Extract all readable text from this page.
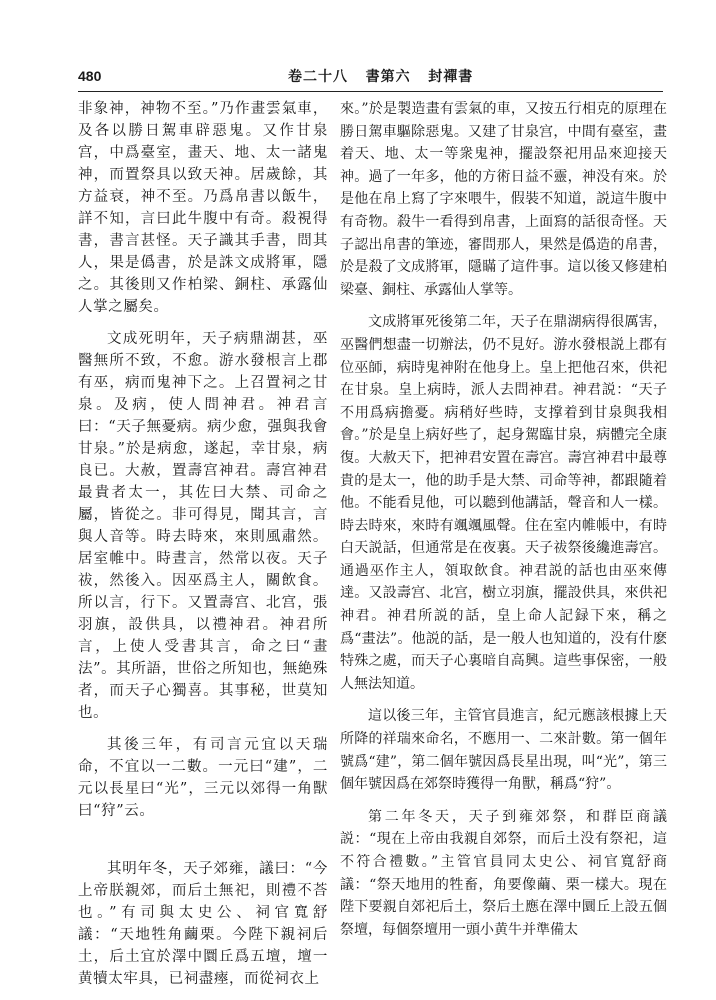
480	卷二十八   書第六   封禪書

非象神，神物不至。”乃作畫雲氣車，及各以勝日駕車辟惡鬼。又作甘泉宫，中爲臺室，畫天、地、太一諸鬼神，而置祭具以致天神。居歲餘，其方益衰，神不至。乃爲帛書以飯牛，詳不知，言曰此牛腹中有奇。殺視得書，書言甚怪。天子識其手書，問其人，果是僞書，於是誅文成將軍，隱之。其後則又作柏梁、銅柱、承露仙人掌之屬矣。

文成死明年，天子病鼎湖甚，巫醫無所不致，不愈。游水發根言上郡有巫，病而鬼神下之。上召置祠之甘泉。及病，使人問神君。神君言曰：“天子無憂病。病少愈，强與我會甘泉。”於是病愈，遂起，幸甘泉，病良已。大赦，置壽宫神君。壽宫神君最貴者太一，其佐曰大禁、司命之屬，皆從之。非可得見，聞其言，言與人音等。時去時來，來則風肅然。居室帷中。時晝言，然常以夜。天子祓，然後入。因巫爲主人，關飲食。所以言，行下。又置壽宫、北宫，張羽旗，設供具，以禮神君。神君所言，上使人受書其言，命之曰“畫法”。其所語，世俗之所知也，無絶殊者，而天子心獨喜。其事秘，世莫知也。

其後三年，有司言元宜以天瑞命，不宜以一二數。一元曰“建”，二元以長星曰“光”，三元以郊得一角獸曰“狩”云。

其明年冬，天子郊雍，議曰：“今上帝朕親郊，而后土無祀，則禮不荅也。”有司與太史公、祠官寬舒議：“天地牲角繭栗。今陛下親祠后土，后土宜於澤中圜丘爲五壇，壇一黄犢太牢具，已祠盡瘞，而從祠衣上

來。”於是製造畫有雲氣的車，又按五行相克的原理在勝日駕車驅除惡鬼。又建了甘泉宫，中間有臺室，畫着天、地、太一等衆鬼神，擺設祭祀用品來迎接天神。過了一年多，他的方術日益不靈，神没有來。於是他在帛上寫了字來喂牛，假裝不知道，説這牛腹中有奇物。殺牛一看得到帛書，上面寫的話很奇怪。天子認出帛書的筆迹，審問那人，果然是僞造的帛書，於是殺了文成將軍，隱瞞了這件事。這以後又修建柏梁臺、銅柱、承露仙人掌等。

文成將軍死後第二年，天子在鼎湖病得很厲害，巫醫們想盡一切辦法，仍不見好。游水發根説上郡有位巫師，病時鬼神附在他身上。皇上把他召來，供祀在甘泉。皇上病時，派人去問神君。神君説：“天子不用爲病擔憂。病稍好些時，支撑着到甘泉與我相會。”於是皇上病好些了，起身駕臨甘泉，病體完全康復。大赦天下，把神君安置在壽宫。壽宫神君中最尊貴的是太一，他的助手是大禁、司命等神，都跟隨着他。不能看見他，可以聽到他講話，聲音和人一樣。時去時來，來時有颯颯風聲。住在室内帷帳中，有時白天説話，但通常是在夜裏。天子祓祭後纔進壽宫。通過巫作主人，領取飲食。神君説的話也由巫來傳達。又設壽宫、北宫，樹立羽旗，擺設供具，來供祀神君。神君所説的話，皇上命人記録下來，稱之爲“畫法”。他説的話，是一般人也知道的，没有什麽特殊之處，而天子心裏暗自高興。這些事保密，一般人無法知道。

這以後三年，主管官員進言，紀元應該根據上天所降的祥瑞來命名，不應用一、二來計數。第一個年號爲“建”，第二個年號因爲長星出現，叫“光”，第三個年號因爲在郊祭時獲得一角獸，稱爲“狩”。

第二年冬天，天子到雍郊祭，和群臣商議説：“現在上帝由我親自郊祭，而后土没有祭祀，這不符合禮數。”主管官員同太史公、祠官寬舒商議：“祭天地用的牲畜，角要像繭、栗一樣大。現在陛下要親自郊祀后土，祭后土應在澤中圜丘上設五個祭壇，每個祭壇用一頭小黄牛并準備太
